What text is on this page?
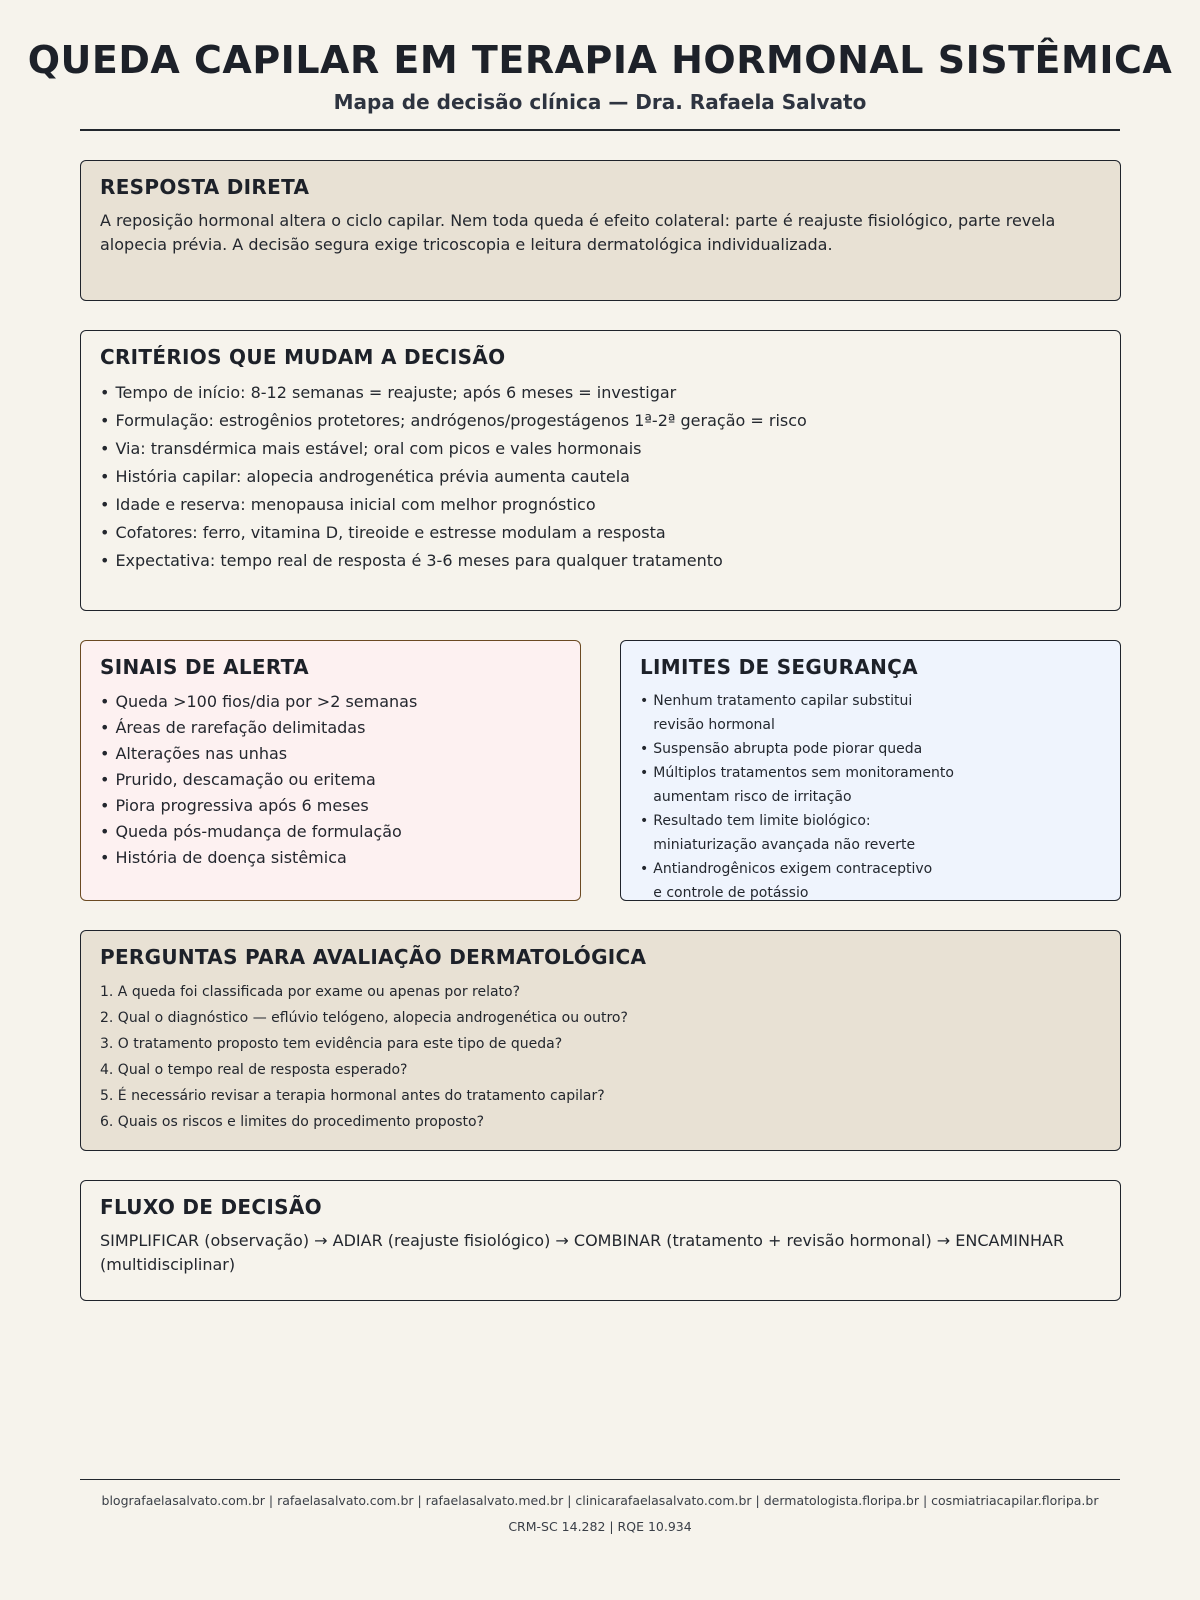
QUEDA CAPILAR EM TERAPIA HORMONAL SISTÊMICA
Mapa de decisão clínica — Dra. Rafaela Salvato
RESPOSTA DIRETA

A reposição hormonal altera o ciclo capilar. Nem toda queda é efeito colateral: parte é reajuste fisiológico, parte revela alopecia prévia. A decisão segura exige tricoscopia e leitura dermatológica individualizada.

CRITÉRIOS QUE MUDAM A DECISÃO
• Tempo de início: 8-12 semanas = reajuste; após 6 meses = investigar
• Formulação: estrogênios protetores; andrógenos/progestágenos 1ª-2ª geração = risco
• Via: transdérmica mais estável; oral com picos e vales hormonais
• História capilar: alopecia androgenética prévia aumenta cautela
• Idade e reserva: menopausa inicial com melhor prognóstico
• Cofatores: ferro, vitamina D, tireoide e estresse modulam a resposta
• Expectativa: tempo real de resposta é 3-6 meses para qualquer tratamento
SINAIS DE ALERTA
• Queda >100 fios/dia por >2 semanas
• Áreas de rarefação delimitadas
• Alterações nas unhas
• Prurido, descamação ou eritema
• Piora progressiva após 6 meses
• Queda pós-mudança de formulação
• História de doença sistêmica
LIMITES DE SEGURANÇA
• Nenhum tratamento capilar substitui
revisão hormonal
• Suspensão abrupta pode piorar queda
• Múltiplos tratamentos sem monitoramento
aumentam risco de irritação
• Resultado tem limite biológico:
miniaturização avançada não reverte
• Antiandrogênicos exigem contraceptivo
e controle de potássio
PERGUNTAS PARA AVALIAÇÃO DERMATOLÓGICA
1. A queda foi classificada por exame ou apenas por relato?
2. Qual o diagnóstico — eflúvio telógeno, alopecia androgenética ou outro?
3. O tratamento proposto tem evidência para este tipo de queda?
4. Qual o tempo real de resposta esperado?
5. É necessário revisar a terapia hormonal antes do tratamento capilar?
6. Quais os riscos e limites do procedimento proposto?
FLUXO DE DECISÃO

SIMPLIFICAR (observação) → ADIAR (reajuste fisiológico) → COMBINAR (tratamento + revisão hormonal) → ENCAMINHAR (multidisciplinar)

blografaelasalvato.com.br | rafaelasalvato.com.br | rafaelasalvato.med.br | clinicarafaelasalvato.com.br | dermatologista.floripa.br | cosmiatriacapilar.floripa.br
CRM-SC 14.282 | RQE 10.934
